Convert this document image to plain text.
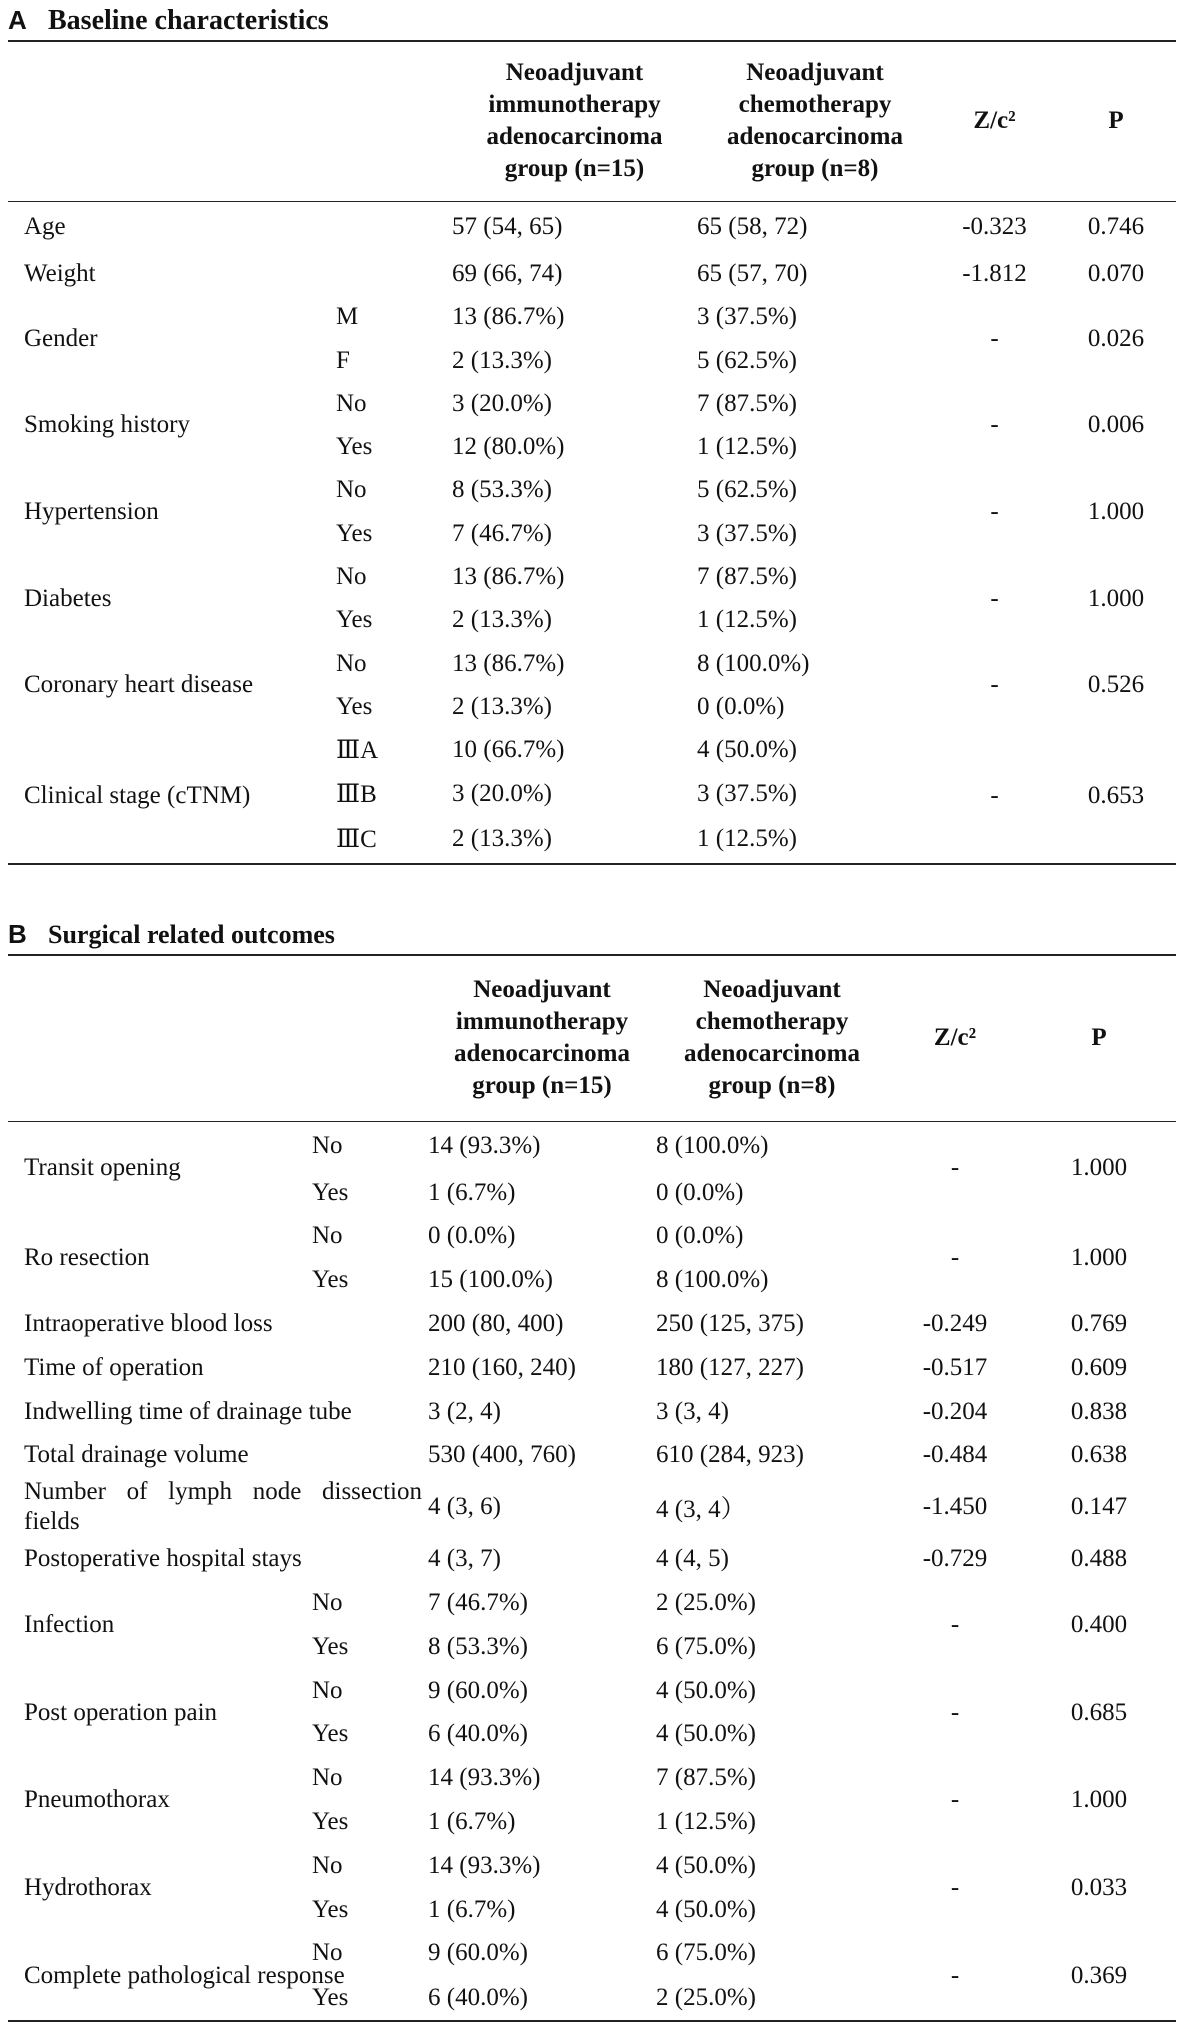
A Baseline characteristics
		Neoadjuvant immunotherapy adenocarcinoma group (n=15)	Neoadjuvant chemotherapy adenocarcinoma group (n=8)	Z/c²	P
Age		57 (54, 65)	65 (58, 72)	-0.323	0.746
Weight		69 (66, 74)	65 (57, 70)	-1.812	0.070
Gender	M	13 (86.7%)	3 (37.5%)	-	0.026
	F	2 (13.3%)	5 (62.5%)		
Smoking history	No	3 (20.0%)	7 (87.5%)	-	0.006
	Yes	12 (80.0%)	1 (12.5%)		
Hypertension	No	8 (53.3%)	5 (62.5%)	-	1.000
	Yes	7 (46.7%)	3 (37.5%)		
Diabetes	No	13 (86.7%)	7 (87.5%)	-	1.000
	Yes	2 (13.3%)	1 (12.5%)		
Coronary heart disease	No	13 (86.7%)	8 (100.0%)	-	0.526
	Yes	2 (13.3%)	0 (0.0%)		
Clinical stage (cTNM)	ⅢA	10 (66.7%)	4 (50.0%)	-	0.653
	ⅢB	3 (20.0%)	3 (37.5%)		
	ⅢC	2 (13.3%)	1 (12.5%)		
B Surgical related outcomes
		Neoadjuvant immunotherapy adenocarcinoma group (n=15)	Neoadjuvant chemotherapy adenocarcinoma group (n=8)	Z/c²	P
Transit opening	No	14 (93.3%)	8 (100.0%)	-	1.000
	Yes	1 (6.7%)	0 (0.0%)		
Ro resection	No	0 (0.0%)	0 (0.0%)	-	1.000
	Yes	15 (100.0%)	8 (100.0%)		
Intraoperative blood loss		200 (80, 400)	250 (125, 375)	-0.249	0.769
Time of operation		210 (160, 240)	180 (127, 227)	-0.517	0.609
Indwelling time of drainage tube		3 (2, 4)	3 (3, 4)	-0.204	0.838
Total drainage volume		530 (400, 760)	610 (284, 923)	-0.484	0.638
Number of lymph node dissection fields		4 (3, 6)	4 (3, 4）	-1.450	0.147
Postoperative hospital stays		4 (3, 7)	4 (4, 5)	-0.729	0.488
Infection	No	7 (46.7%)	2 (25.0%)	-	0.400
	Yes	8 (53.3%)	6 (75.0%)		
Post operation pain	No	9 (60.0%)	4 (50.0%)	-	0.685
	Yes	6 (40.0%)	4 (50.0%)		
Pneumothorax	No	14 (93.3%)	7 (87.5%)	-	1.000
	Yes	1 (6.7%)	1 (12.5%)		
Hydrothorax	No	14 (93.3%)	4 (50.0%)	-	0.033
	Yes	1 (6.7%)	4 (50.0%)		
Complete pathological response	No	9 (60.0%)	6 (75.0%)	-	0.369
	Yes	6 (40.0%)	2 (25.0%)		
